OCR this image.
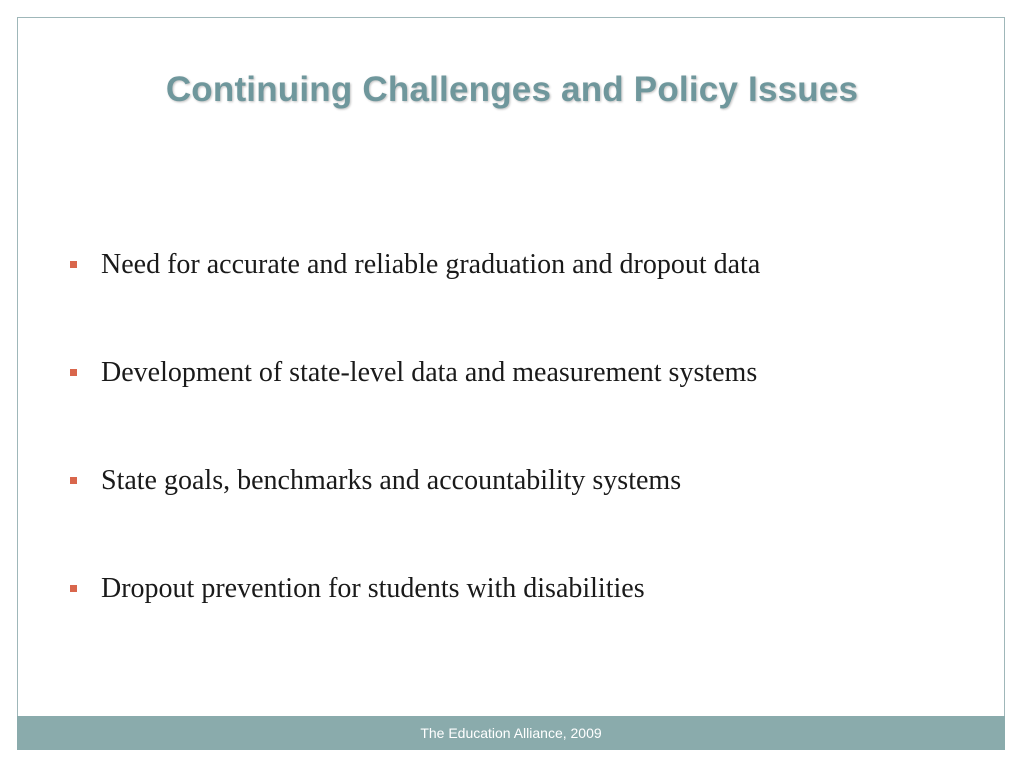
Continuing Challenges and Policy Issues
Need for accurate and reliable graduation and dropout data
Development of state-level data and measurement systems
State goals, benchmarks and accountability systems
Dropout prevention for students with disabilities
The Education Alliance, 2009
